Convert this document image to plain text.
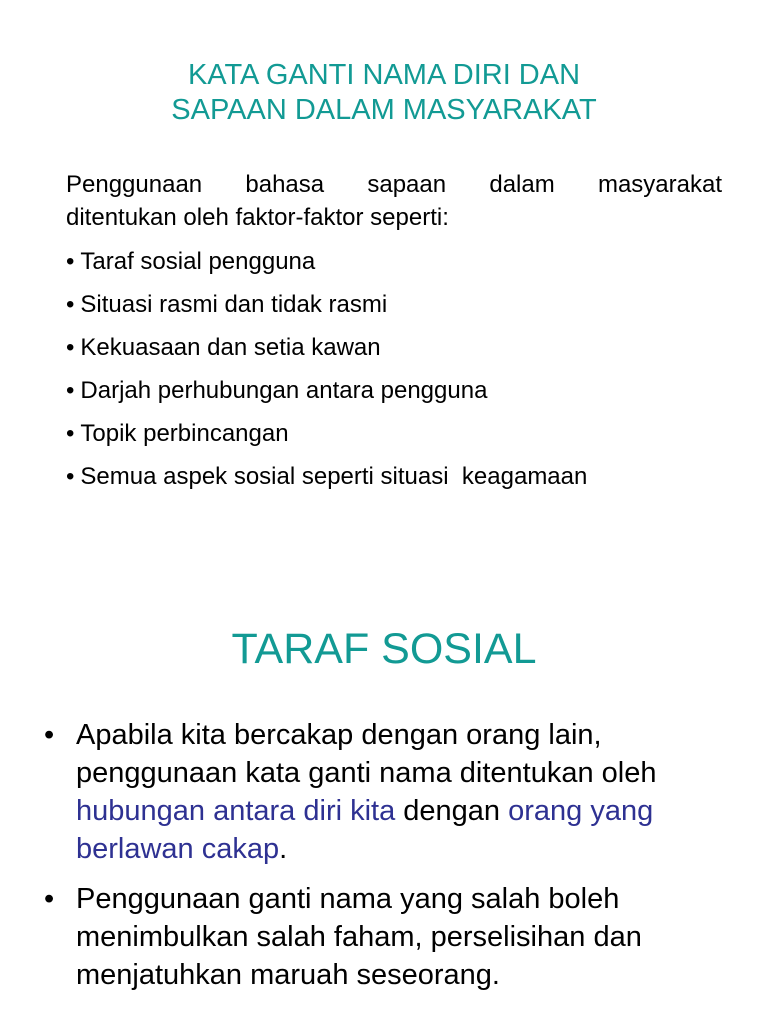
KATA GANTI NAMA DIRI DAN
SAPAAN DALAM MASYARAKAT

Penggunaan bahasa sapaan dalam masyarakat
ditentukan oleh faktor-faktor seperti:

• Taraf sosial pengguna
• Situasi rasmi dan tidak rasmi
• Kekuasaan dan setia kawan
• Darjah perhubungan antara pengguna
• Topik perbincangan
• Semua aspek sosial seperti situasi  keagamaan
TARAF SOSIAL
• Apabila kita bercakap dengan orang lain, penggunaan kata ganti nama ditentukan oleh hubungan antara diri kita dengan orang yang berlawan cakap.
• Penggunaan ganti nama yang salah boleh menimbulkan salah faham, perselisihan dan menjatuhkan maruah seseorang.
